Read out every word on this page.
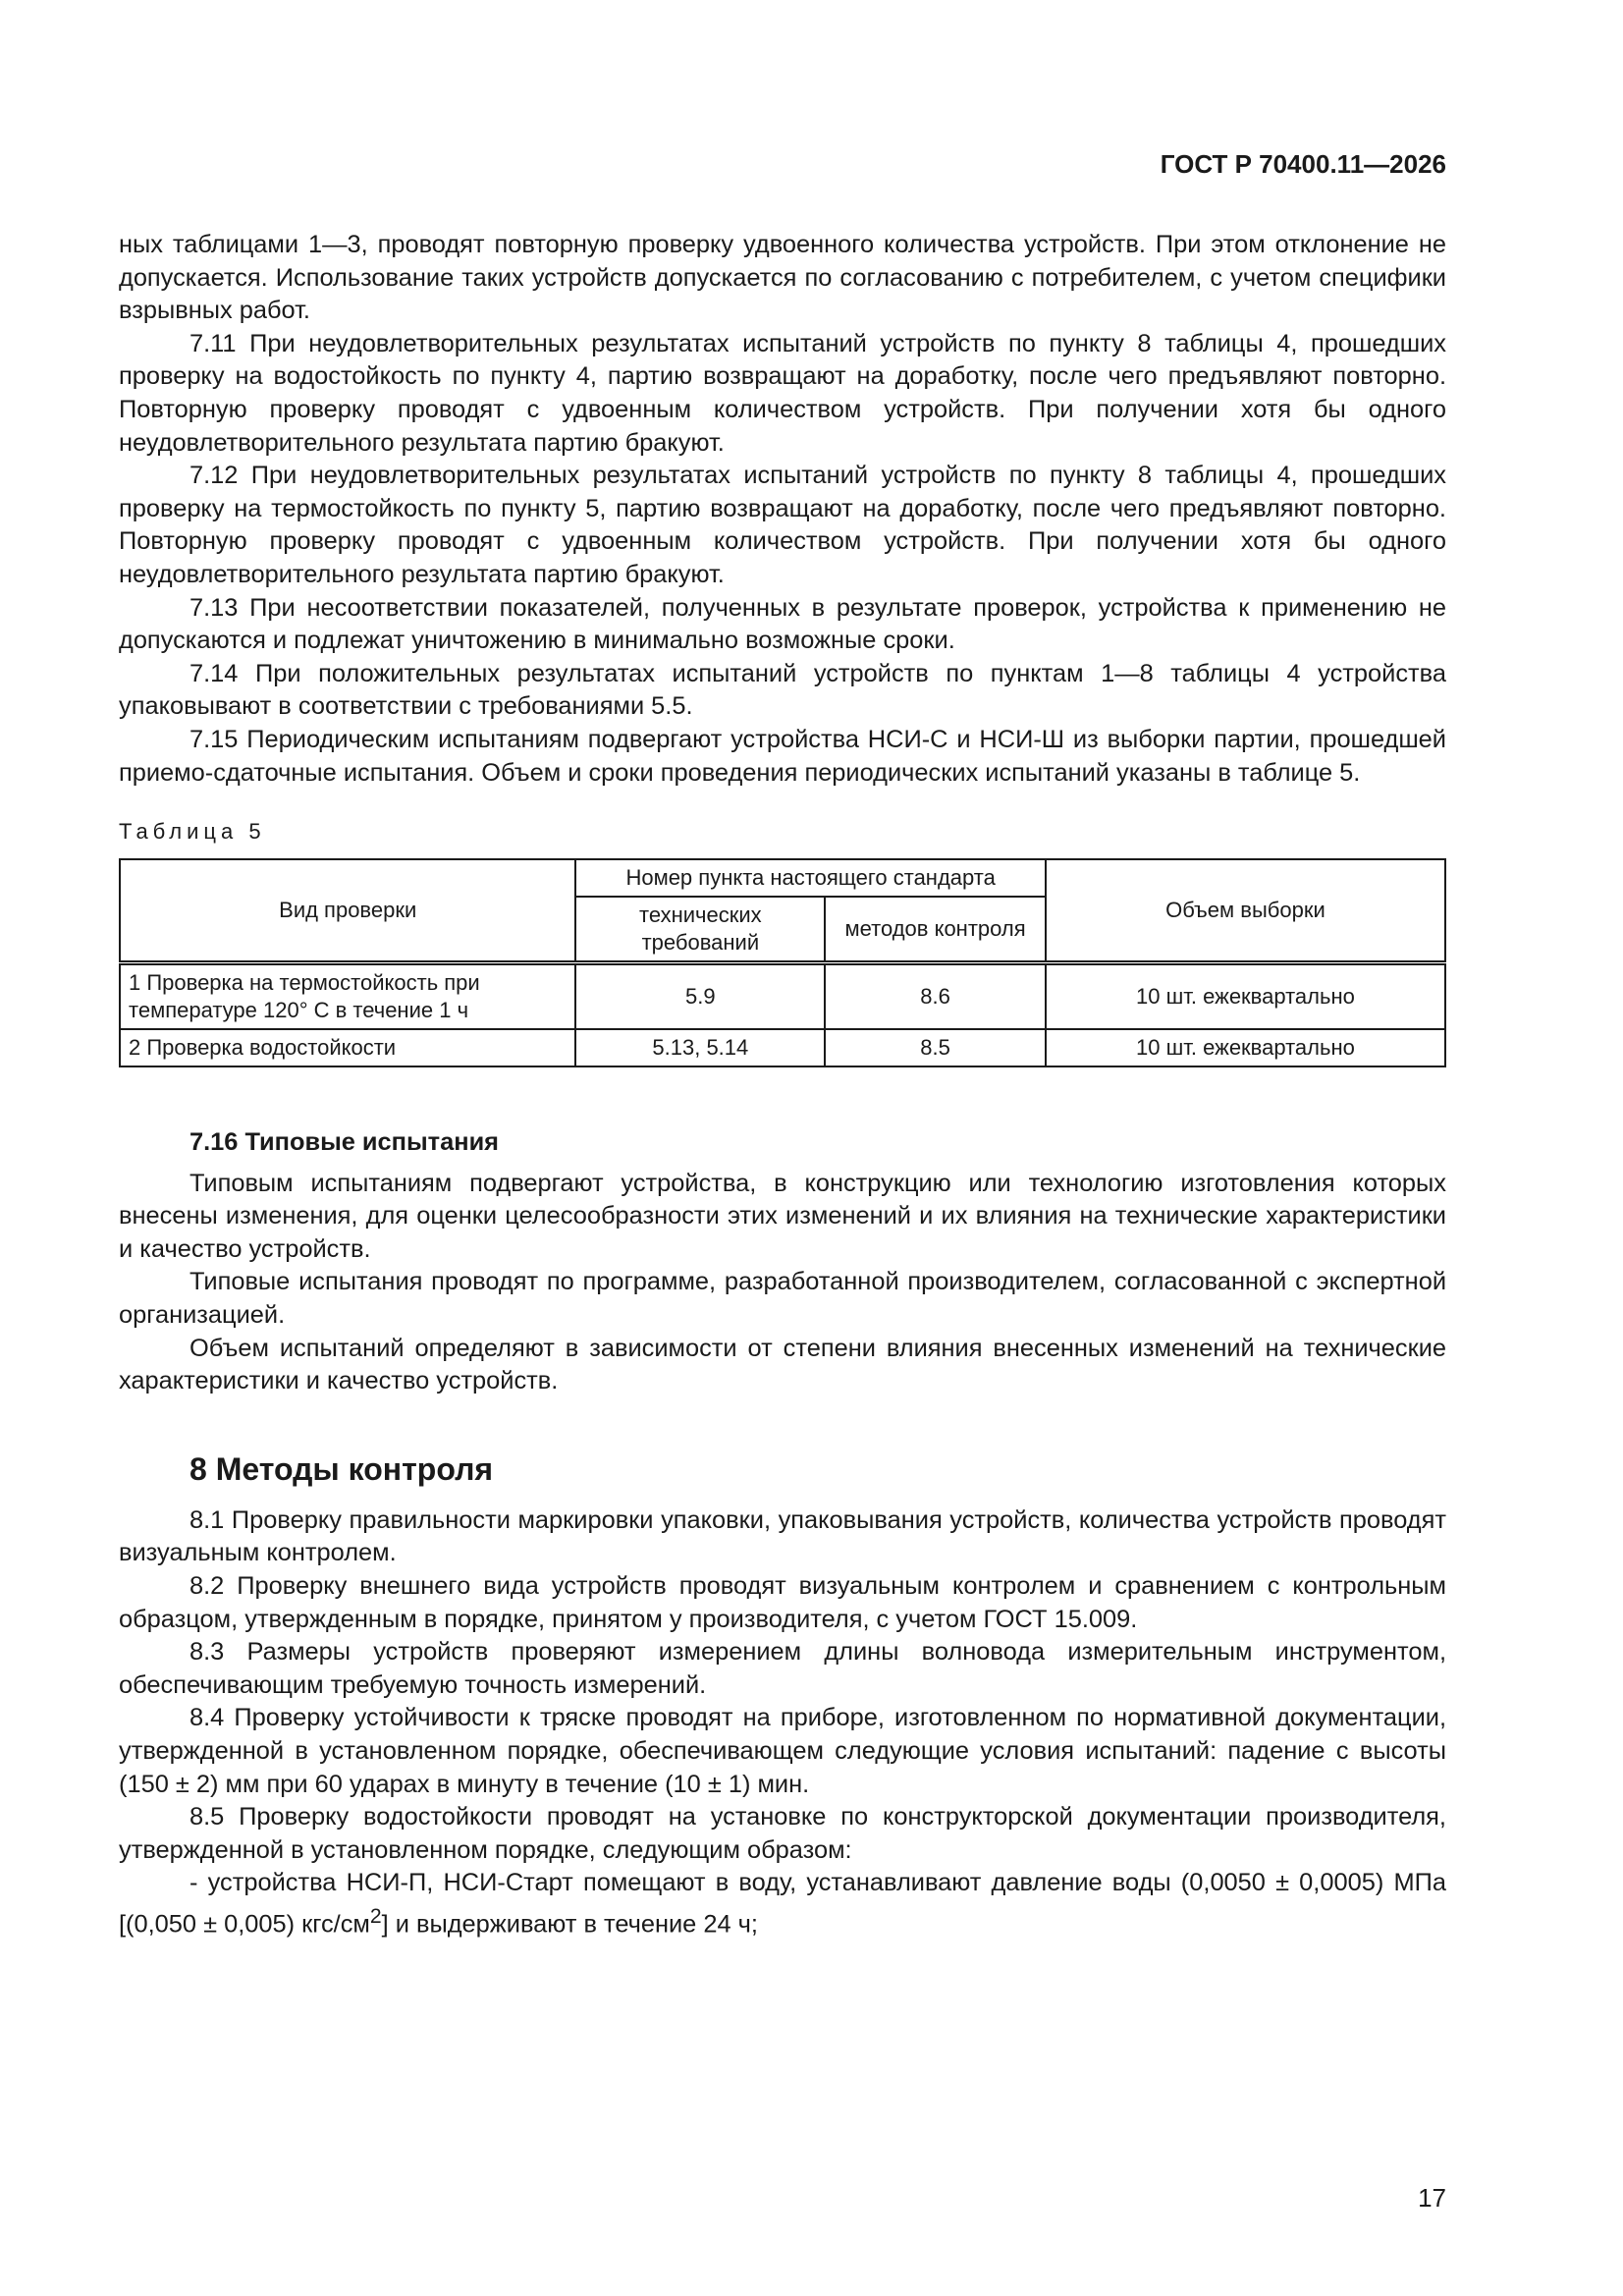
ГОСТ Р 70400.11—2026

ных таблицами 1—3, проводят повторную проверку удвоенного количества устройств. При этом отклонение не допускается. Использование таких устройств допускается по согласованию с потребителем, с учетом специфики взрывных работ.

7.11 При неудовлетворительных результатах испытаний устройств по пункту 8 таблицы 4, прошедших проверку на водостойкость по пункту 4, партию возвращают на доработку, после чего предъявляют повторно. Повторную проверку проводят с удвоенным количеством устройств. При получении хотя бы одного неудовлетворительного результата партию бракуют.

7.12 При неудовлетворительных результатах испытаний устройств по пункту 8 таблицы 4, прошедших проверку на термостойкость по пункту 5, партию возвращают на доработку, после чего предъявляют повторно. Повторную проверку проводят с удвоенным количеством устройств. При получении хотя бы одного неудовлетворительного результата партию бракуют.

7.13 При несоответствии показателей, полученных в результате проверок, устройства к применению не допускаются и подлежат уничтожению в минимально возможные сроки.

7.14 При положительных результатах испытаний устройств по пунктам 1—8 таблицы 4 устройства упаковывают в соответствии с требованиями 5.5.

7.15 Периодическим испытаниям подвергают устройства НСИ-С и НСИ-Ш из выборки партии, прошедшей приемо-сдаточные испытания. Объем и сроки проведения периодических испытаний указаны в таблице 5.

Таблица 5
Вид проверки	Номер пункта настоящего стандарта		Объем выборки
	технических требований	методов контроля	
1 Проверка на термостойкость при температуре 120° С в течение 1 ч	5.9	8.6	10 шт. ежеквартально
2 Проверка водостойкости	5.13, 5.14	8.5	10 шт. ежеквартально
7.16 Типовые испытания

Типовым испытаниям подвергают устройства, в конструкцию или технологию изготовления которых внесены изменения, для оценки целесообразности этих изменений и их влияния на технические характеристики и качество устройств.

Типовые испытания проводят по программе, разработанной производителем, согласованной с экспертной организацией.

Объем испытаний определяют в зависимости от степени влияния внесенных изменений на технические характеристики и качество устройств.

8 Методы контроля

8.1 Проверку правильности маркировки упаковки, упаковывания устройств, количества устройств проводят визуальным контролем.

8.2 Проверку внешнего вида устройств проводят визуальным контролем и сравнением с контрольным образцом, утвержденным в порядке, принятом у производителя, с учетом ГОСТ 15.009.

8.3 Размеры устройств проверяют измерением длины волновода измерительным инструментом, обеспечивающим требуемую точность измерений.

8.4 Проверку устойчивости к тряске проводят на приборе, изготовленном по нормативной документации, утвержденной в установленном порядке, обеспечивающем следующие условия испытаний: падение с высоты (150 ± 2) мм при 60 ударах в минуту в течение (10 ± 1) мин.

8.5 Проверку водостойкости проводят на установке по конструкторской документации производителя, утвержденной в установленном порядке, следующим образом:

- устройства НСИ-П, НСИ-Старт помещают в воду, устанавливают давление воды (0,0050 ± 0,0005) МПа [(0,050 ± 0,005) кгс/$см^2$] и выдерживают в течение 24 ч;

17
